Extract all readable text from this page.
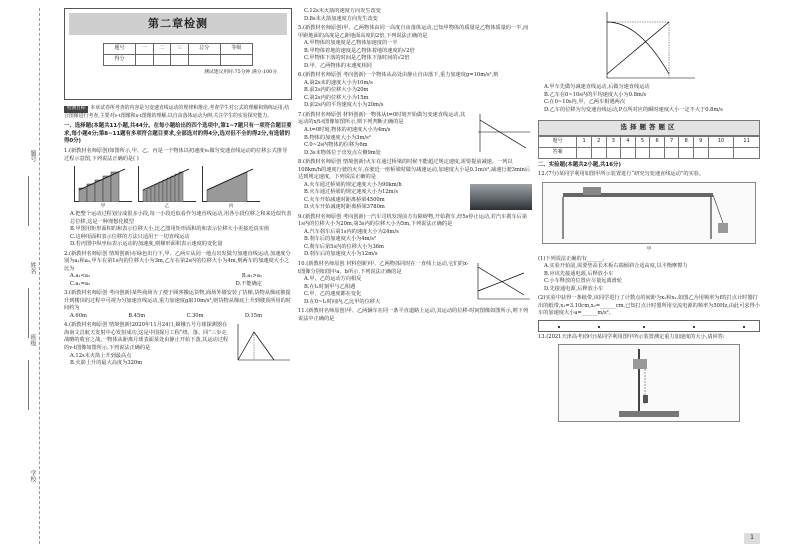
题号
姓名
班级
学校
第二章检测
题号	一	二	三	总分	等级
得分					
测试建议用时:75分钟 满分:100分
检测目标 本章试卷所考查的内容是匀变速直线运动的规律和推论,考查学生对公式的理解和熟练运用;结合图像进行考查,主要对v-t图像和x-t图像的理解;以自由落体运动为例,关注学生的实验探究能力。
一、选择题(本题共11小题,共44分。在每小题给出的四个选项中,第1~7题只有一项符合题目要求,每小题4分;第8~11题有多项符合题目要求,全部选对的得4分,选对但不全的得2分,有选错的得0分)

1.(新教材名师原创)如图所示,甲、乙、丙是一个物体以初速度v₀做匀变速直线运动的位移公式推导过程示意图,下列说法正确的是( )

甲	乙	丙

A.把整个运动过程划分成很多小段,每一小段近似看作匀速直线运动,用各小段位移之和来近似代表总位移,这是一种理想化模型

B.甲图用矩形面积的和表示位移大小,比乙图用矩形面积的和表示位移大小更接近真实值

C.这种用面积表示位移的方法只适用于一切直线运动

D.若丙图中纵坐标表示运动的加速度,则梯形面积表示速度的变化量

2.(新教材名师原创 情境创新)在绿色出行下,甲、乙两车从同一地点出发做匀加速直线运动,加速度分别为a₁和a₂,甲车在第1s内的位移大小为3m,乙车在第2s内的位移大小为4m,则两车的加速度大小之比为

A.a₁<a₂	B.a₁>a₂
C.a₁=a₂	D.不能确定

3.(新教材名师原创 考向创新)某些商场为了便于顾客搬运货物,商场外墙安装了货梯,货物从梯底被提升到楼顶的过程中可视为匀加速直线运动,重力加速度g取10m/s²,则货物从梯底上升到楼顶所用的时间约为

A.60m	B.45m	C.30m	D.15m

4.(新教材名师原创 情境创新)2020年11月24日,嫦娥五号月球探测器在海南文昌航天发射中心发射成功,这是中国探月工程“绕、落、回”三步走战略的收官之战,一物体从距离月球表面某处由静止开始下落,其运动过程的v-t图像如图所示,下列说法正确的是

A.12s末火箭上升到最高点

B.火箭上升的最大高度为320m

C.12s末火箭的速度方向发生改变

D.8s末火箭加速度方向发生改变

5.(新教材名师原创)甲、乙两物体由同一高度自由落体运动,已知甲物体的质量是乙物体质量的一半,而甲距地面的高度是乙距地面高度的2倍,下列说法正确的是

A.甲物体的加速度是乙物体加速度的一半

B.甲物体着地的速度是乙物体着地的速度的√2倍

C.甲物体下落的时间是乙物体下落时间的√2倍

D.甲、乙两物体的末速度相同

6.(新教材名师原创 考向创新)一个物体从高处由静止自由落下,重力加速度g=10m/s²,则

A.第2s末的速度大小为10m/s

B.前2s内的位移大小为20m

C.第2s内的位移大小为15m

D.前2s内的平均速度大小为20m/s

7.(新教材名师原创 材料创新)一物体从t=0时刻开始做匀变速直线运动,其运动的x/t-t图像如图所示,则下列判断正确的是

A.t=0时刻,物体的初速度大小为4m/s

B.物体的加速度大小为3m/s²

C.0~2s内物体的位移为6m

D.3s末物体位于出发点左侧9m处

8.(新教材名师原创 情境创新)火车在通过桥梁的时候不能超过规定速度,需要提前减速。一列以108km/h的速度行驶的火车,在驶近一座桥梁时做匀减速运动,加速度大小是0.1m/s²,减速行驶3min后达到规定速度。下列说法正确的是

A.火车通过桥梁的规定速度大小为90km/h

B.火车通过桥梁的规定速度大小为12m/s

C.火车开始减速时距离桥梁4500m

D.火车开始减速时距离桥梁3780m

9.(新教材名师原创 考向创新)一汽车司机发现前方有障碍物,开始刹车,经5s停止运动,若汽车刹车后第1s内的位移大小为20m,第3s内的位移大小为5m,下列说法正确的是

A.汽车刹车后第1s内的速度大小为24m/s

B.刹车后的加速度大小为4m/s²

C.刹车后第5s内的位移大小为36m

D.刹车后的加速度大小为12m/s

10.(新教材名师原创 材料创新)甲、乙两物体同时在一直线上运动,它们的x-t图像分别如图中a、b所示,下列说法正确的是

A.甲、乙的运动方向相反

B.在t₁时刻甲与乙相遇

C.甲、乙的速度都在变化

D.在0~t₁时间内,乙比甲的位移大

11.(新教材名师原创)甲、乙两辆车在同一条平直道路上运动,其运动的位移-时间图像如图所示,则下列说法中正确的是

A.甲车先做匀减速直线运动,后做匀速直线运动

B.乙车在0~10s内的平均速度大小为0.8m/s

C.在0~10s内,甲、乙两车相遇两次

D.乙车的位移为匀变速直线运动,P点所对应的瞬时速度大小一定不大于0.8m/s

选择题答题区
题号	1	2	3	4	5	6	7	8	9	10	11
答案											
二、实验题(本题共2小题,共16分)

12.(7分)某同学利用如图甲所示装置进行“研究匀变速直线运动”的实验。

甲

(1)下列说法正确的有______。

A.实验开始前,需要垫高长木板右端倾斜合适高度,以平衡摩擦力

B.应该先接通电源,后释放小车

C.小车释放的位置应尽量远离滑轮

D.先接通电源,后释放小车

(2)实验中获得一条纸带,该同学进行了计数点的间距为x₁和x₂,如图乙为用频率为f的打点计时器打出的纸带,x₁=3.10cm,x₂=______cm,已知打点计时器所用交流电源的频率为50Hz,由此可求得小车的加速度大小a=______m/s²。

13.(2021天津高考)(9分)某同学利用图甲所示装置测定重力加速度的大小,请回答:

1
